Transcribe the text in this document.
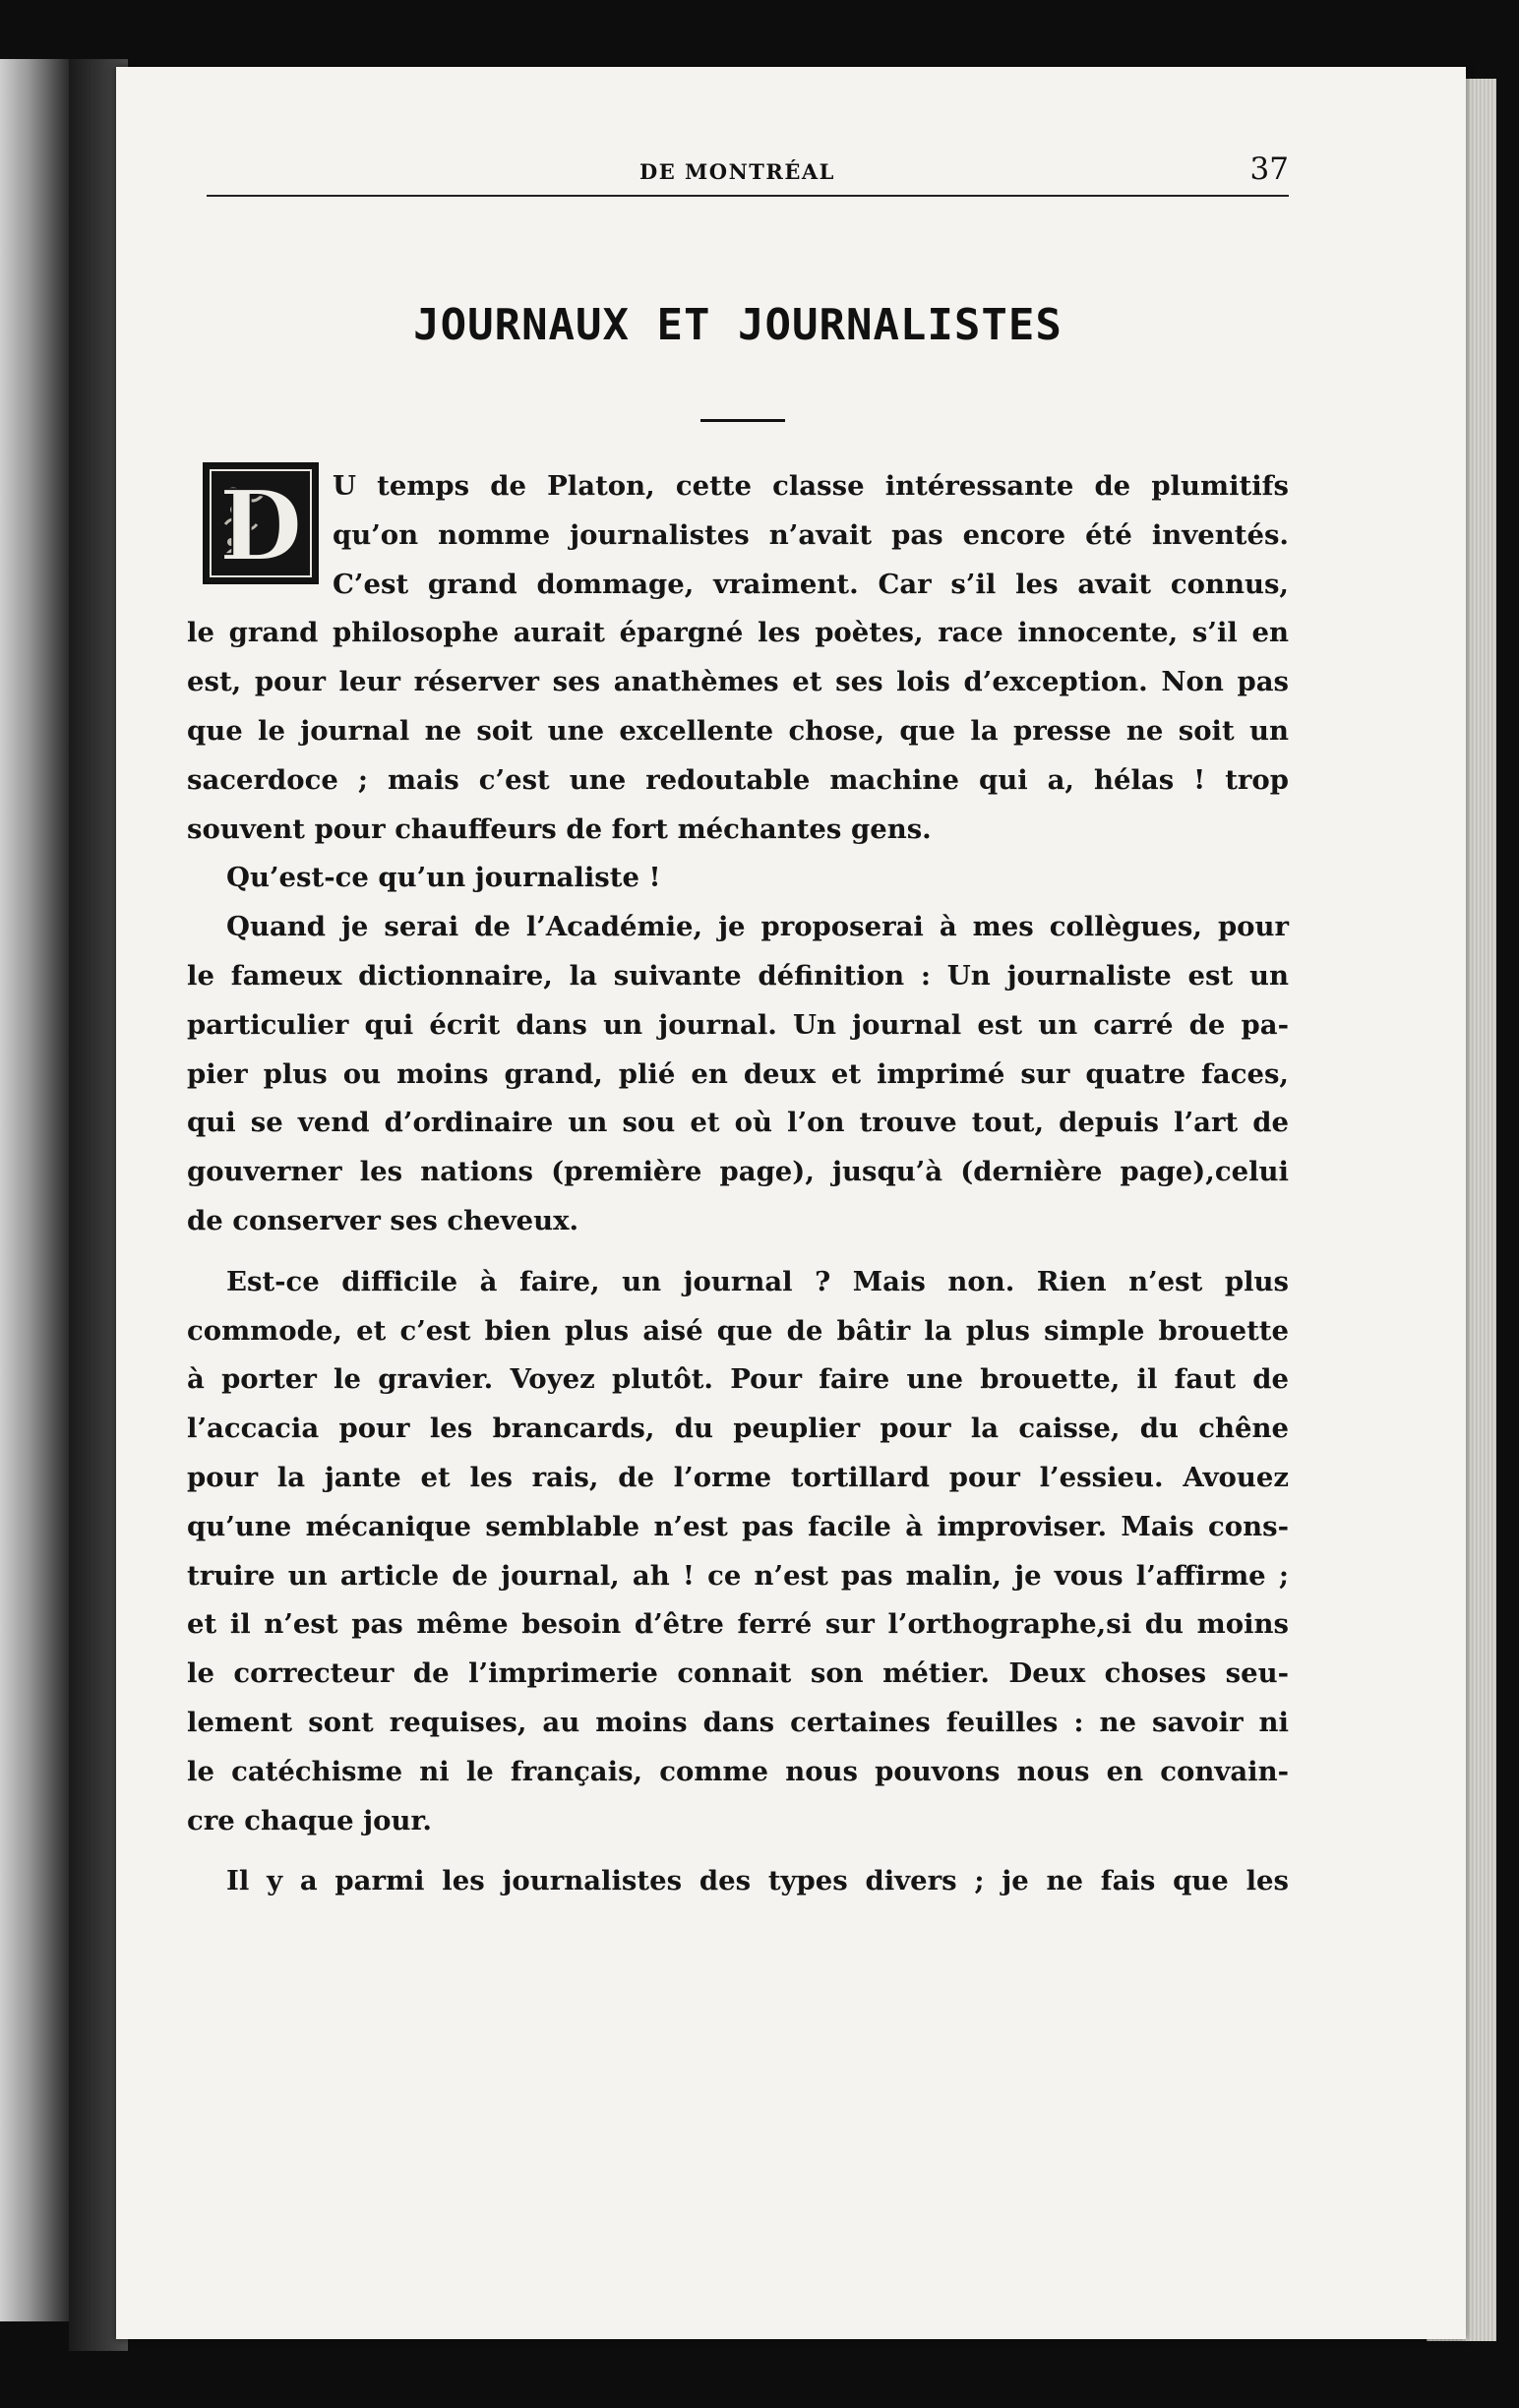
DE MONTRÉAL	37
JOURNAUX ET JOURNALISTES
D	U temps de Platon, cette classe intéressante de plumitifs
qu’on nomme journalistes n’avait pas encore été inventés.
C’est grand dommage, vraiment. Car s’il les avait connus,
le grand philosophe aurait épargné les poètes, race innocente, s’il en
est, pour leur réserver ses anathèmes et ses lois d’exception. Non pas
que le journal ne soit une excellente chose, que la presse ne soit un
sacerdoce ; mais c’est une redoutable machine qui a, hélas ! trop
souvent pour chauffeurs de fort méchantes gens.
Qu’est-ce qu’un journaliste !
Quand je serai de l’Académie, je proposerai à mes collègues, pour
le fameux dictionnaire, la suivante définition : Un journaliste est un
particulier qui écrit dans un journal. Un journal est un carré de pa-
pier plus ou moins grand, plié en deux et imprimé sur quatre faces,
qui se vend d’ordinaire un sou et où l’on trouve tout, depuis l’art de
gouverner les nations (première page), jusqu’à (dernière page),celui
de conserver ses cheveux.
Est-ce difficile à faire, un journal ? Mais non. Rien n’est plus
commode, et c’est bien plus aisé que de bâtir la plus simple brouette
à porter le gravier. Voyez plutôt. Pour faire une brouette, il faut de
l’accacia pour les brancards, du peuplier pour la caisse, du chêne
pour la jante et les rais, de l’orme tortillard pour l’essieu. Avouez
qu’une mécanique semblable n’est pas facile à improviser. Mais cons-
truire un article de journal, ah ! ce n’est pas malin, je vous l’affirme ;
et il n’est pas même besoin d’être ferré sur l’orthographe,si du moins
le correcteur de l’imprimerie connait son métier. Deux choses seu-
lement sont requises, au moins dans certaines feuilles : ne savoir ni
le catéchisme ni le français, comme nous pouvons nous en convain-
cre chaque jour.
Il y a parmi les journalistes des types divers ; je ne fais que les
